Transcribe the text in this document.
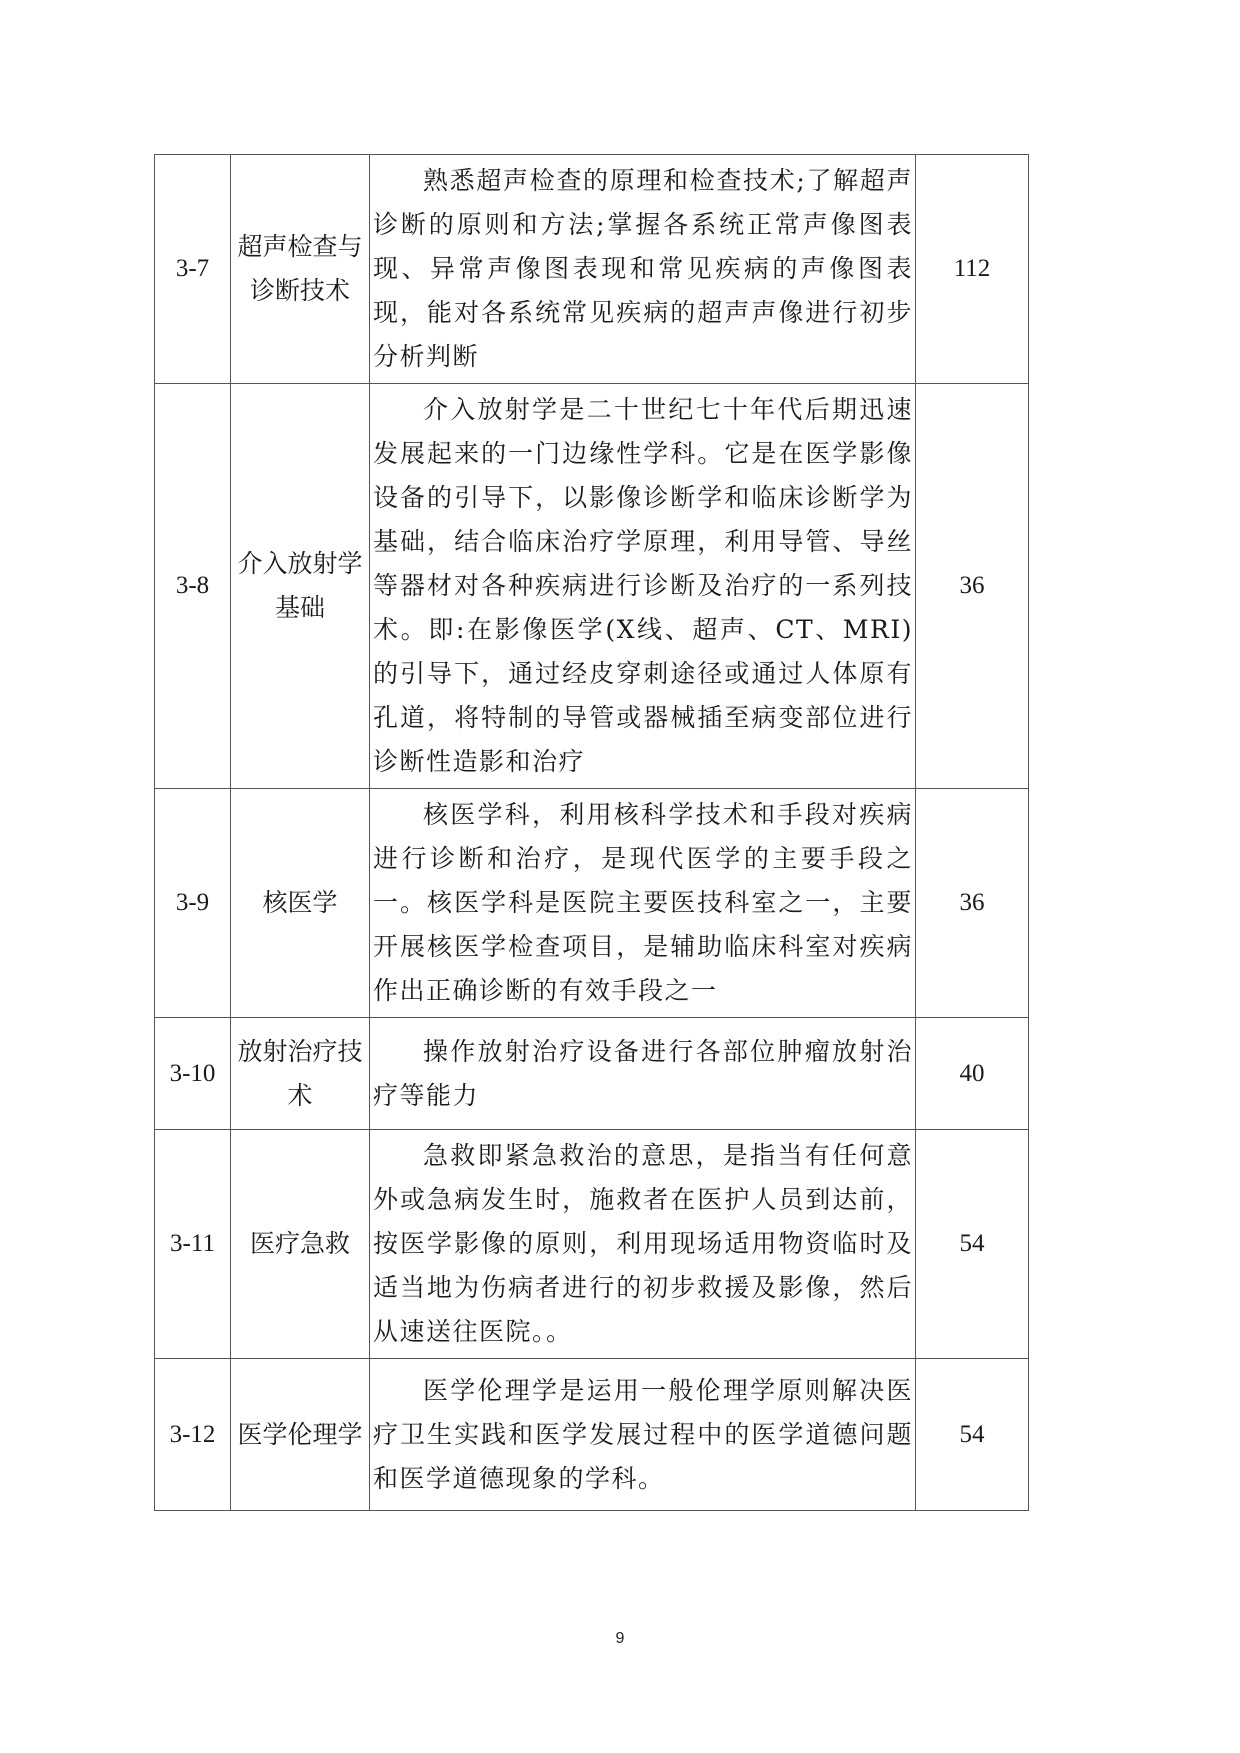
3-7	超声检查与诊断技术	熟悉超声检查的原理和检查技术;了解超声诊断的原则和方法;掌握各系统正常声像图表现、异常声像图表现和常见疾病的声像图表现，能对各系统常见疾病的超声声像进行初步分析判断	112
3-8	介入放射学基础	介入放射学是二十世纪七十年代后期迅速发展起来的一门边缘性学科。它是在医学影像设备的引导下，以影像诊断学和临床诊断学为基础，结合临床治疗学原理，利用导管、导丝等器材对各种疾病进行诊断及治疗的一系列技术。即:在影像医学(X线、超声、CT、MRI)的引导下，通过经皮穿刺途径或通过人体原有孔道，将特制的导管或器械插至病变部位进行诊断性造影和治疗	36
3-9	核医学	核医学科，利用核科学技术和手段对疾病进行诊断和治疗，是现代医学的主要手段之一。核医学科是医院主要医技科室之一，主要开展核医学检查项目，是辅助临床科室对疾病作出正确诊断的有效手段之一	36
3-10	放射治疗技术	操作放射治疗设备进行各部位肿瘤放射治疗等能力	40
3-11	医疗急救	急救即紧急救治的意思，是指当有任何意外或急病发生时，施救者在医护人员到达前，按医学影像的原则，利用现场适用物资临时及适当地为伤病者进行的初步救援及影像，然后从速送往医院。。	54
3-12	医学伦理学	医学伦理学是运用一般伦理学原则解决医疗卫生实践和医学发展过程中的医学道德问题和医学道德现象的学科。	54
9
